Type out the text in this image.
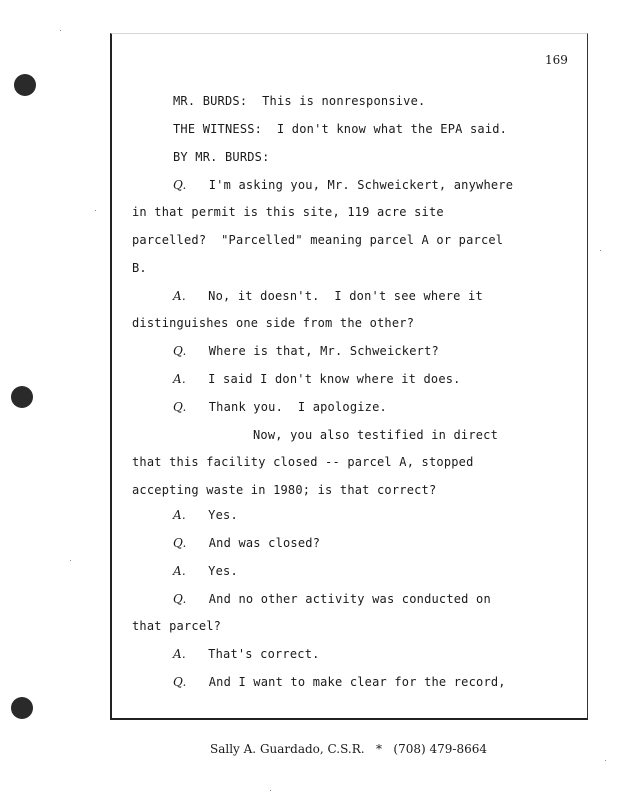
169
MR. BURDS:  This is nonresponsive.
THE WITNESS:  I don't know what the EPA said.
BY MR. BURDS:
Q. I'm asking you, Mr. Schweickert, anywhere
in that permit is this site, 119 acre site
parcelled?  "Parcelled" meaning parcel A or parcel
B.
A. No, it doesn't.  I don't see where it
distinguishes one side from the other?
Q. Where is that, Mr. Schweickert?
A. I said I don't know where it does.
Q. Thank you.  I apologize.
Now, you also testified in direct
that this facility closed -- parcel A, stopped
accepting waste in 1980; is that correct?
A. Yes.
Q. And was closed?
A. Yes.
Q. And no other activity was conducted on
that parcel?
A. That's correct.
Q. And I want to make clear for the record,
Sally A. Guardado, C.S.R.   *   (708) 479-8664
